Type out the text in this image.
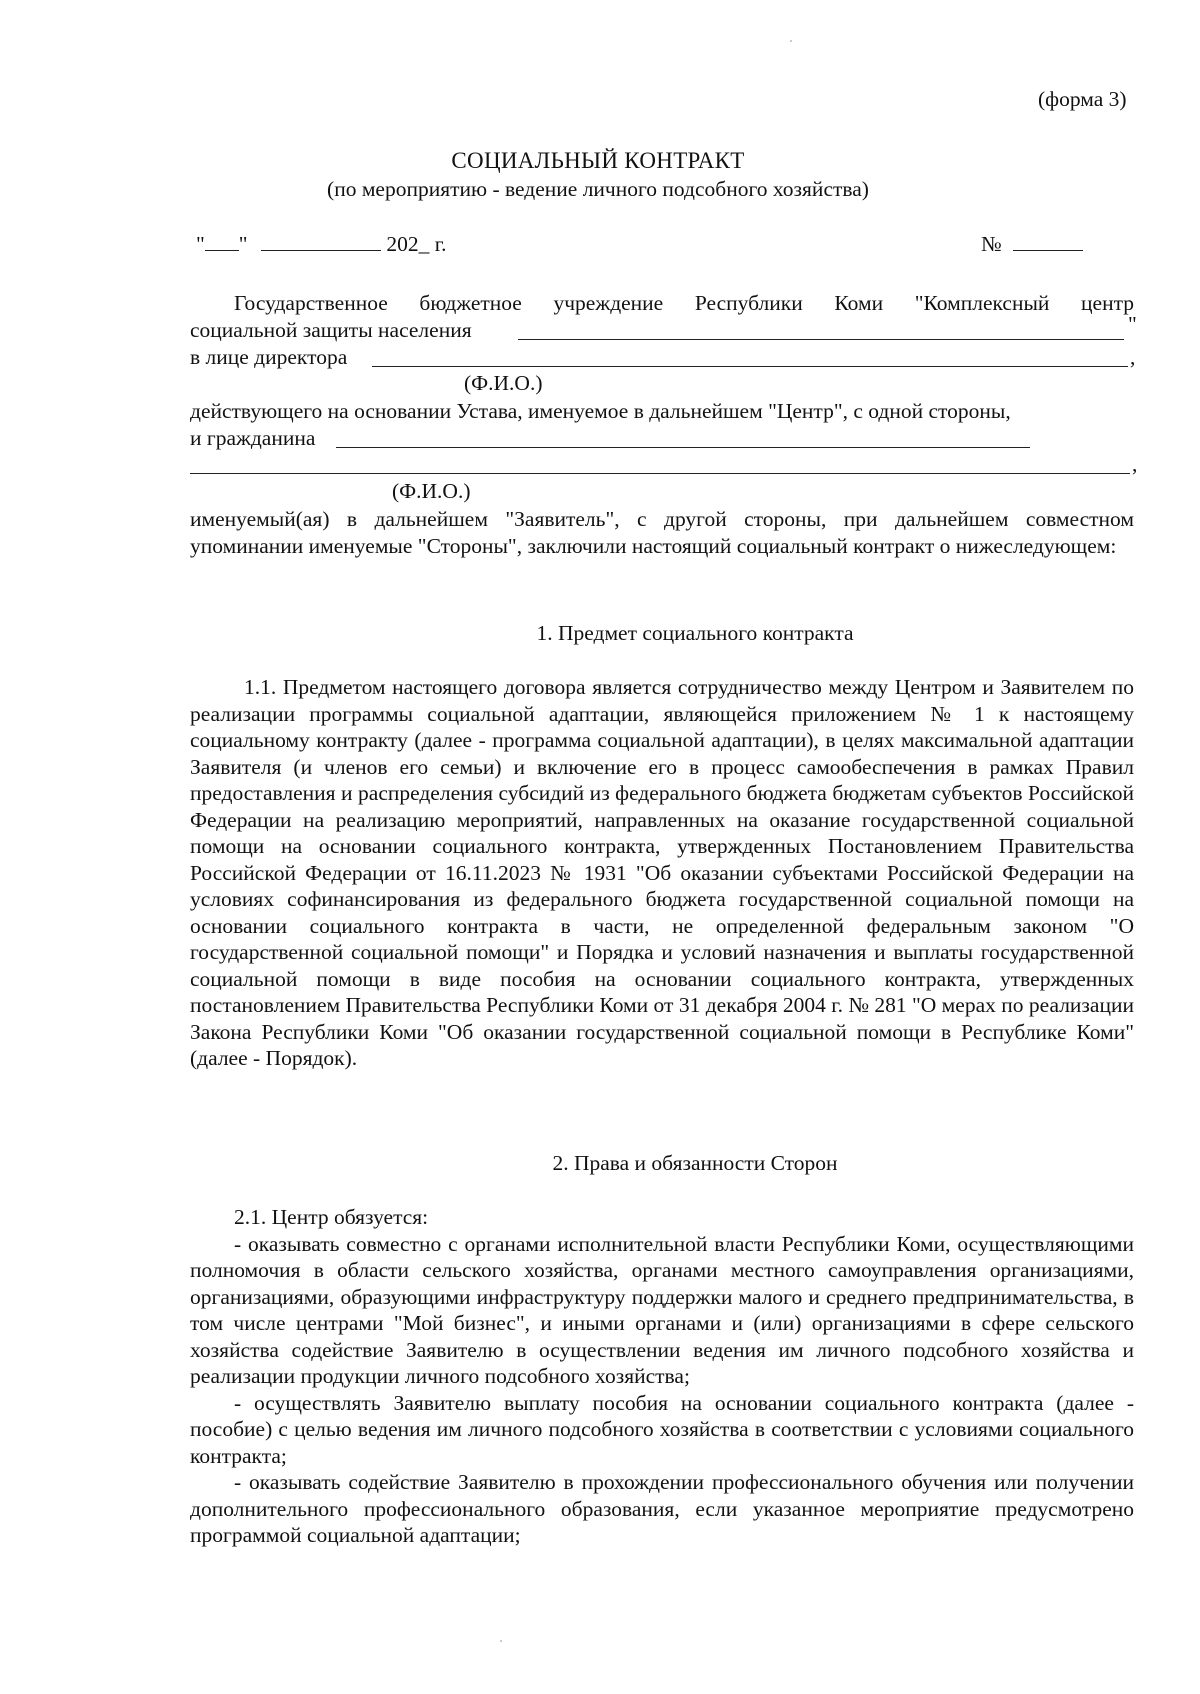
(форма 3)
СОЦИАЛЬНЫЙ КОНТРАКТ
(по мероприятию - ведение личного подсобного хозяйства)
" "	202_ г.	№
Государственное бюджетное учреждение Республики Коми "Комплексный центр
социальной защиты населения	"
в лице директора	,
(Ф.И.О.)
действующего на основании Устава, именуемое в дальнейшем "Центр", с одной стороны,
и гражданина
,
(Ф.И.О.)

именуемый(ая) в дальнейшем "Заявитель", с другой стороны, при дальнейшем совместном упоминании именуемые "Стороны", заключили настоящий социальный контракт о нижеследующем:

1. Предмет социального контракта

1.1. Предметом настоящего договора является сотрудничество между Центром и Заявителем по реализации программы социальной адаптации, являющейся приложением № 1 к настоящему социальному контракту (далее - программа социальной адаптации), в целях максимальной адаптации Заявителя (и членов его семьи) и включение его в процесс самообеспечения в рамках Правил предоставления и распределения субсидий из федерального бюджета бюджетам субъектов Российской Федерации на реализацию мероприятий, направленных на оказание государственной социальной помощи на основании социального контракта, утвержденных Постановлением Правительства Российской Федерации от 16.11.2023 № 1931 "Об оказании субъектами Российской Федерации на условиях софинансирования из федерального бюджета государственной социальной помощи на основании социального контракта в части, не определенной федеральным законом "О государственной социальной помощи" и Порядка и условий назначения и выплаты государственной социальной помощи в виде пособия на основании социального контракта, утвержденных постановлением Правительства Республики Коми от 31 декабря 2004 г. № 281 "О мерах по реализации Закона Республики Коми "Об оказании государственной социальной помощи в Республике Коми" (далее - Порядок).

2. Права и обязанности Сторон

2.1. Центр обязуется:

- оказывать совместно с органами исполнительной власти Республики Коми, осуществляющими полномочия в области сельского хозяйства, органами местного самоуправления организациями, организациями, образующими инфраструктуру поддержки малого и среднего предпринимательства, в том числе центрами "Мой бизнес", и иными органами и (или) организациями в сфере сельского хозяйства содействие Заявителю в осуществлении ведения им личного подсобного хозяйства и реализации продукции личного подсобного хозяйства;

- осуществлять Заявителю выплату пособия на основании социального контракта (далее - пособие) с целью ведения им личного подсобного хозяйства в соответствии с условиями социального контракта;

- оказывать содействие Заявителю в прохождении профессионального обучения или получении дополнительного профессионального образования, если указанное мероприятие предусмотрено программой социальной адаптации;
